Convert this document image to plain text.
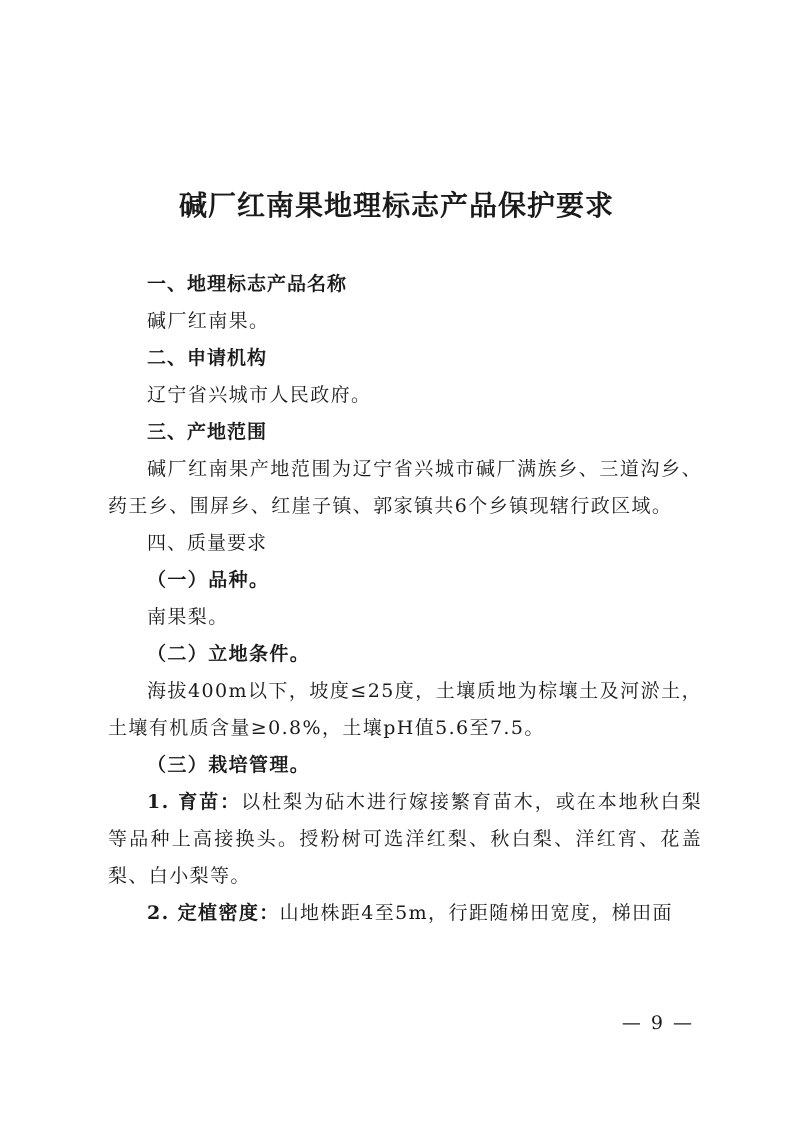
碱厂红南果地理标志产品保护要求

一、地理标志产品名称

碱厂红南果。

二、申请机构

辽宁省兴城市人民政府。

三、产地范围

碱厂红南果产地范围为辽宁省兴城市碱厂满族乡、三道沟乡、药王乡、围屏乡、红崖子镇、郭家镇共6个乡镇现辖行政区域。

四、质量要求

（一）品种。

南果梨。

（二）立地条件。

海拔400m以下，坡度≤25度，土壤质地为棕壤土及河淤土，土壤有机质含量≥0.8%，土壤pH值5.6至7.5。

（三）栽培管理。

1. 育苗：以杜梨为砧木进行嫁接繁育苗木，或在本地秋白梨等品种上高接换头。授粉树可选洋红梨、秋白梨、洋红宵、花盖梨、白小梨等。

2. 定植密度：山地株距4至5m，行距随梯田宽度，梯田面

— 9 —
